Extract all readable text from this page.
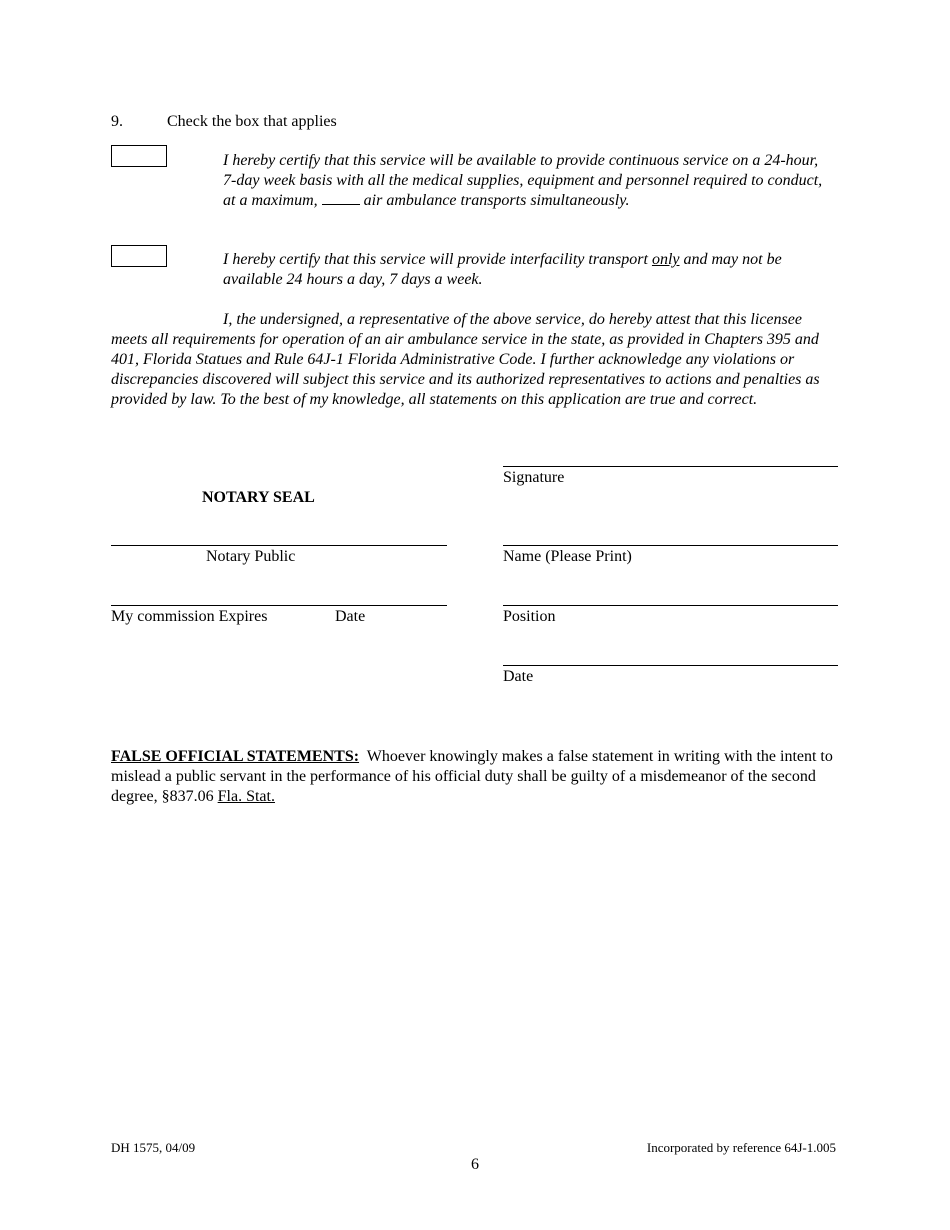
9.	Check the box that applies
I hereby certify that this service will be available to provide continuous service on a 24-hour, 7-day week basis with all the medical supplies, equipment and personnel required to conduct, at a maximum,	air ambulance transports simultaneously.
I hereby certify that this service will provide interfacility transport only and may not be available 24 hours a day, 7 days a week.
I, the undersigned, a representative of the above service, do hereby attest that this licensee meets all requirements for operation of an air ambulance service in the state, as provided in Chapters 395 and 401, Florida Statues and Rule 64J-1 Florida Administrative Code. I further acknowledge any violations or discrepancies discovered will subject this service and its authorized representatives to actions and penalties as provided by law. To the best of my knowledge, all statements on this application are true and correct.
NOTARY SEAL
Notary Public
My commission Expires	Date
Signature
Name (Please Print)
Position
Date
FALSE OFFICIAL STATEMENTS: Whoever knowingly makes a false statement in writing with the intent to mislead a public servant in the performance of his official duty shall be guilty of a misdemeanor of the second degree, §837.06 Fla. Stat.
DH 1575, 04/09	Incorporated by reference 64J-1.005
6
